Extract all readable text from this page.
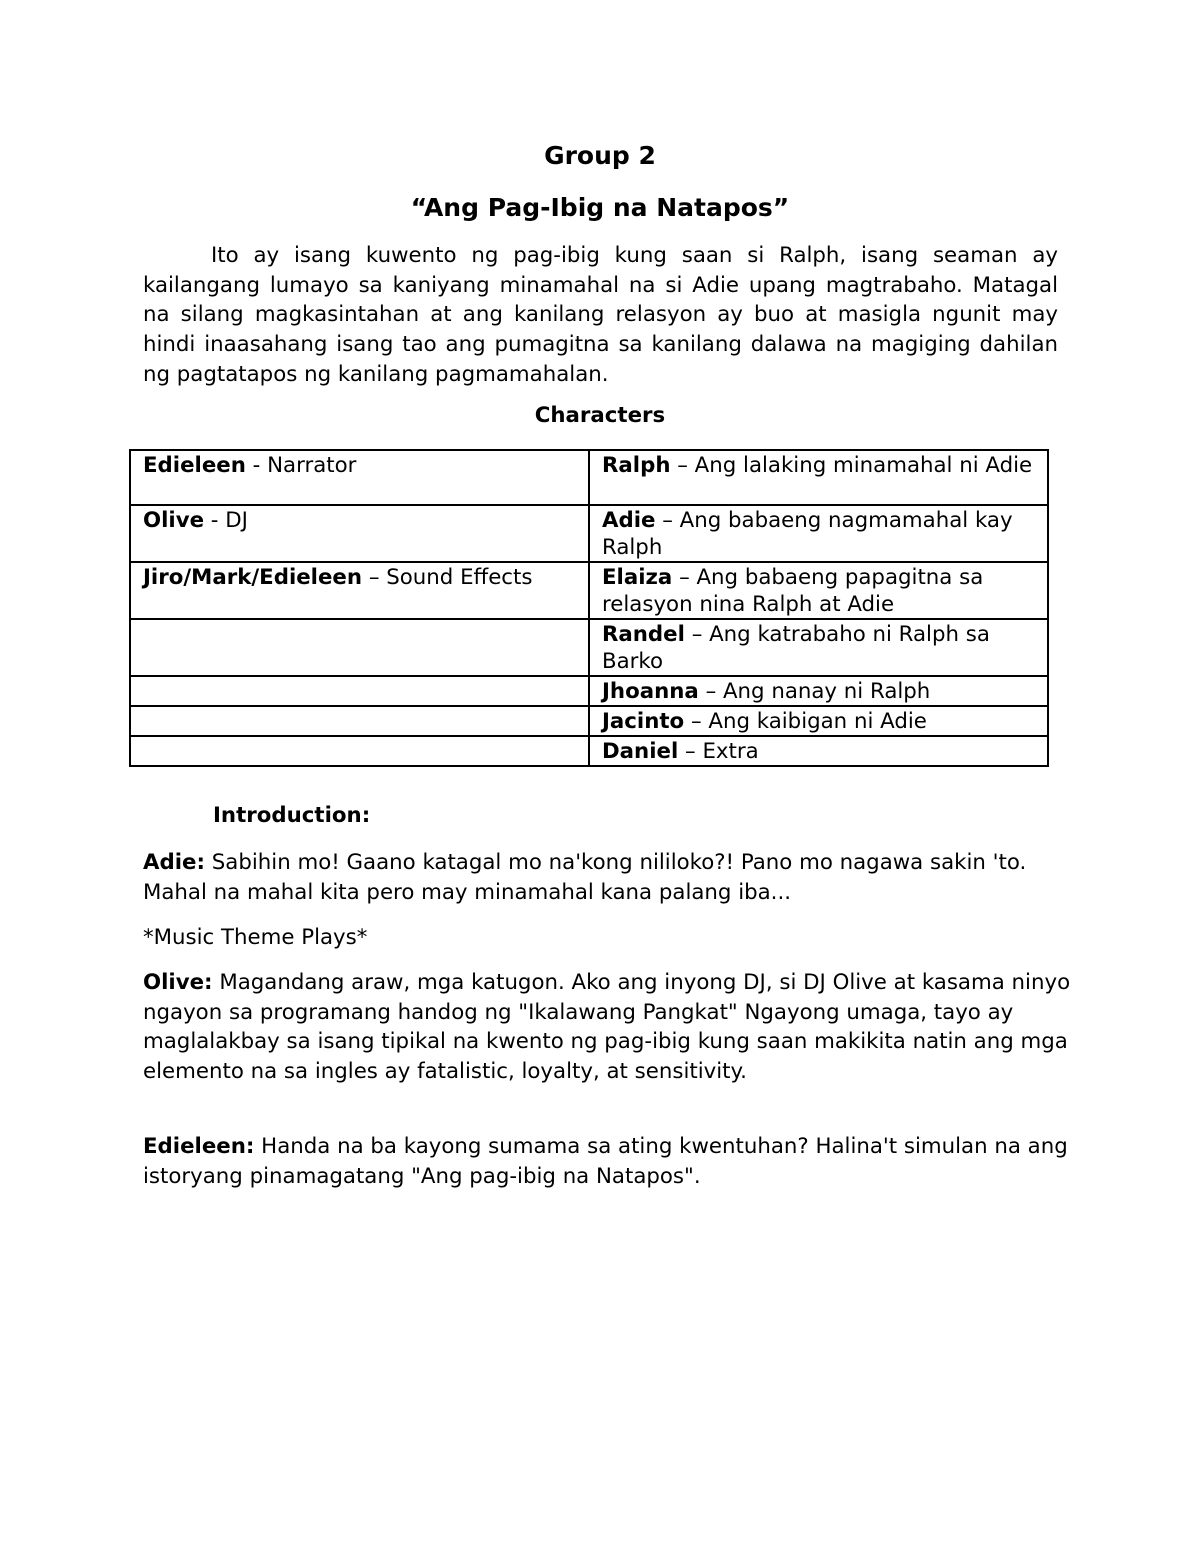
Group 2
“Ang Pag-Ibig na Natapos”

Ito ay isang kuwento ng pag-ibig kung saan si Ralph, isang seaman ay kailangang lumayo sa kaniyang minamahal na si Adie upang magtrabaho. Matagal na silang magkasintahan at ang kanilang relasyon ay buo at masigla ngunit may hindi inaasahang isang tao ang pumagitna sa kanilang dalawa na magiging dahilan ng pagtatapos ng kanilang pagmamahalan.

Characters
Edieleen - Narrator	Ralph – Ang lalaking minamahal ni Adie
Olive - DJ	Adie – Ang babaeng nagmamahal kay Ralph
Jiro/Mark/Edieleen – Sound Effects	Elaiza – Ang babaeng papagitna sa relasyon nina Ralph at Adie
	Randel – Ang katrabaho ni Ralph sa Barko
	Jhoanna – Ang nanay ni Ralph
	Jacinto – Ang kaibigan ni Adie
	Daniel – Extra
Introduction:

Adie: Sabihin mo! Gaano katagal mo na'kong nililoko?! Pano mo nagawa sakin 'to. Mahal na mahal kita pero may minamahal kana palang iba...

*Music Theme Plays*

Olive: Magandang araw, mga katugon. Ako ang inyong DJ, si DJ Olive at kasama ninyo ngayon sa programang handog ng "Ikalawang Pangkat" Ngayong umaga, tayo ay maglalakbay sa isang tipikal na kwento ng pag-ibig kung saan makikita natin ang mga elemento na sa ingles ay fatalistic, loyalty, at sensitivity.

Edieleen: Handa na ba kayong sumama sa ating kwentuhan? Halina't simulan na ang istoryang pinamagatang "Ang pag-ibig na Natapos".
